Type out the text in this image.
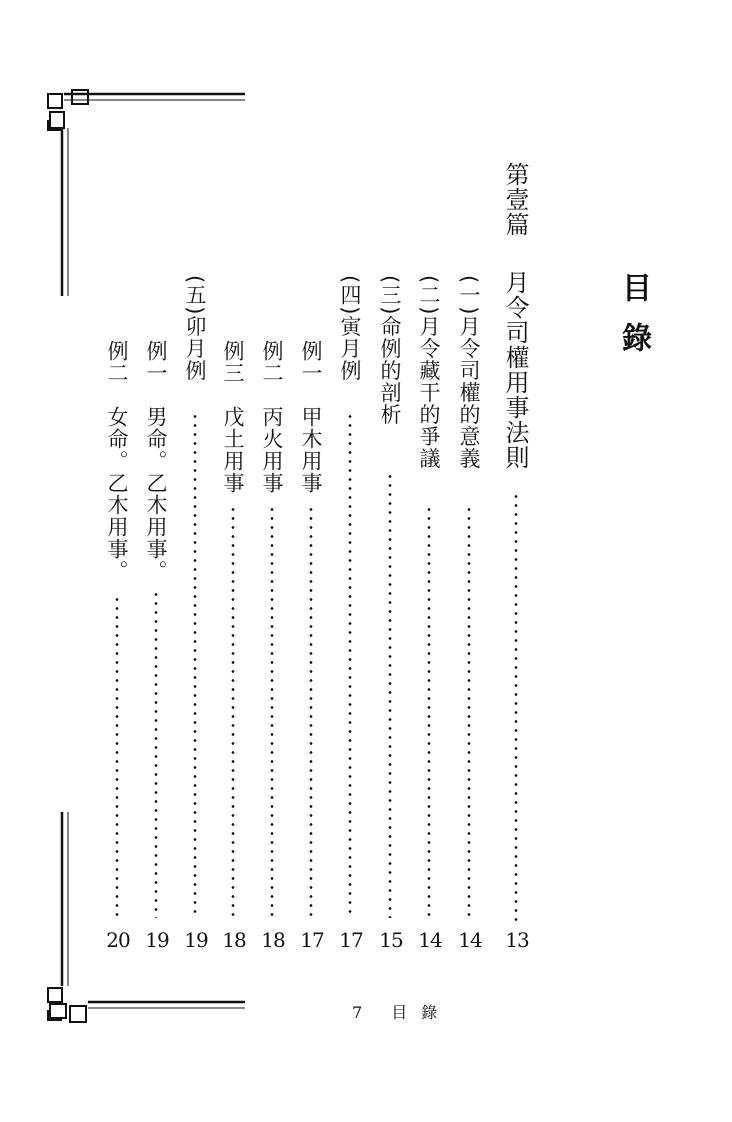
目錄
第壹篇
月令司權用事法則
13
(一)月令司權的意義
14
(二)月令藏干的爭議
14
(三)命例的剖析
15
(四)寅月例
17
例一　甲木用事
17
例二　丙火用事
18
例三　戊土用事
18
(五)卯月例
19
例一　男命。乙木用事。
19
例二　女命。乙木用事。
20
7 目錄
